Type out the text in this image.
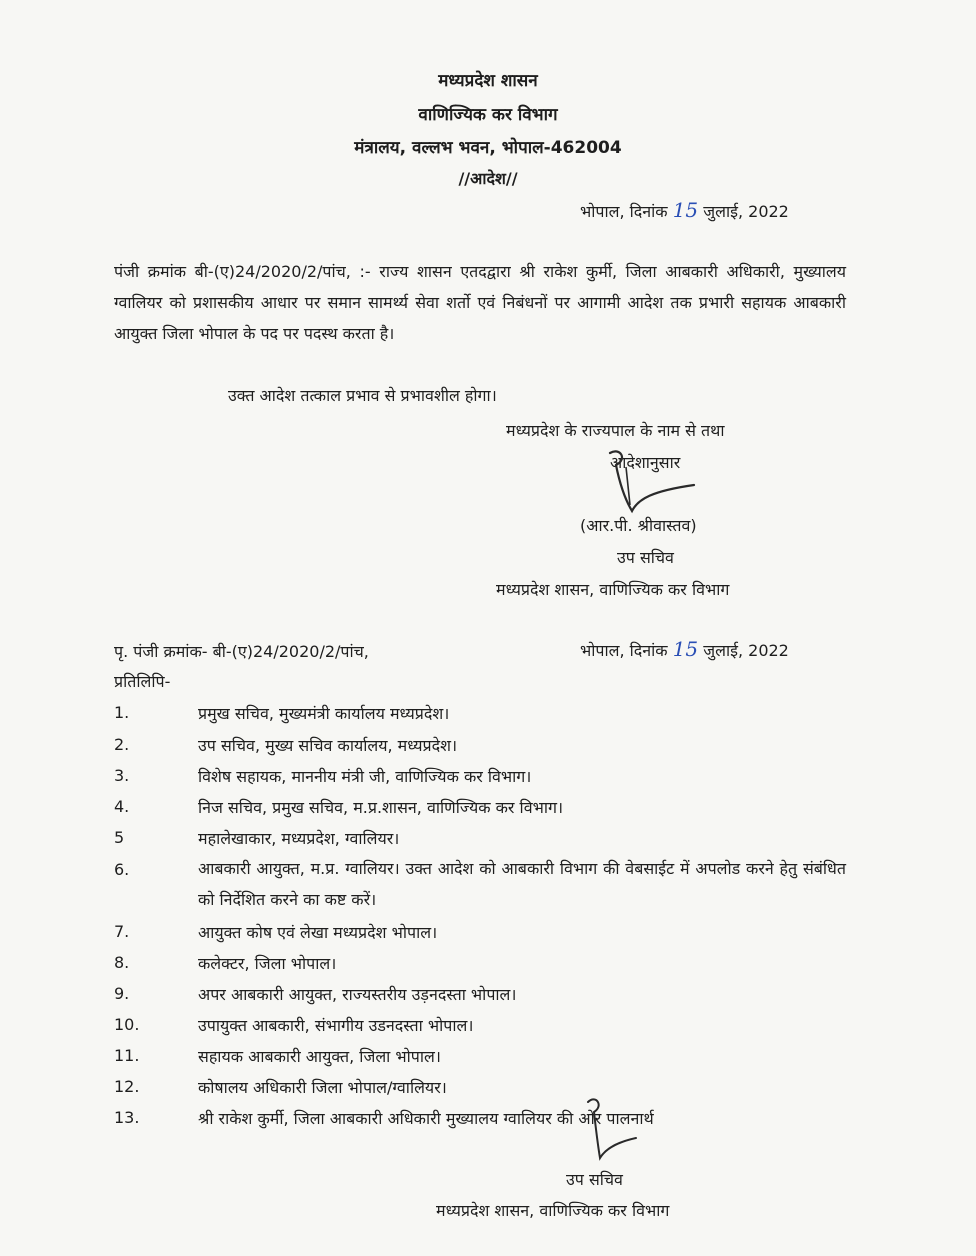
मध्यप्रदेश शासन
वाणिज्यिक कर विभाग
मंत्रालय, वल्लभ भवन, भोपाल-462004
//आदेश//
भोपाल, दिनांक 15 जुलाई, 2022
पंजी क्रमांक बी-(ए)24/2020/2/पांच, :- राज्य शासन एतदद्वारा श्री राकेश कुर्मी, जिला आबकारी अधिकारी, मुख्यालय ग्वालियर को प्रशासकीय आधार पर समान सामर्थ्य सेवा शर्तो एवं निबंधनों पर आगामी आदेश तक प्रभारी सहायक आबकारी आयुक्त जिला भोपाल के पद पर पदस्थ करता है।
उक्त आदेश तत्काल प्रभाव से प्रभावशील होगा।
मध्यप्रदेश के राज्यपाल के नाम से तथा
आदेशानुसार
(आर.पी. श्रीवास्तव)
उप सचिव
मध्यप्रदेश शासन, वाणिज्यिक कर विभाग
पृ. पंजी क्रमांक- बी-(ए)24/2020/2/पांच,	भोपाल, दिनांक 15 जुलाई, 2022
प्रतिलिपि-
1.	प्रमुख सचिव, मुख्यमंत्री कार्यालय मध्यप्रदेश।
2.	उप सचिव, मुख्य सचिव कार्यालय, मध्यप्रदेश।
3.	विशेष सहायक, माननीय मंत्री जी, वाणिज्यिक कर विभाग।
4.	निज सचिव, प्रमुख सचिव, म.प्र.शासन, वाणिज्यिक कर विभाग।
5	महालेखाकार, मध्यप्रदेश, ग्वालियर।
6.	आबकारी आयुक्त, म.प्र. ग्वालियर। उक्त आदेश को आबकारी विभाग की वेबसाईट में अपलोड करने हेतु संबंधित को निर्देशित करने का कष्ट करें।
7.	आयुक्त कोष एवं लेखा मध्यप्रदेश भोपाल।
8.	कलेक्टर, जिला भोपाल।
9.	अपर आबकारी आयुक्त, राज्यस्तरीय उड़नदस्ता भोपाल।
10.	उपायुक्त आबकारी, संभागीय उडनदस्ता भोपाल।
11.	सहायक आबकारी आयुक्त, जिला भोपाल।
12.	कोषालय अधिकारी जिला भोपाल/ग्वालियर।
13.	श्री राकेश कुर्मी, जिला आबकारी अधिकारी मुख्यालय ग्वालियर की ओर पालनार्थ
उप सचिव
मध्यप्रदेश शासन, वाणिज्यिक कर विभाग
